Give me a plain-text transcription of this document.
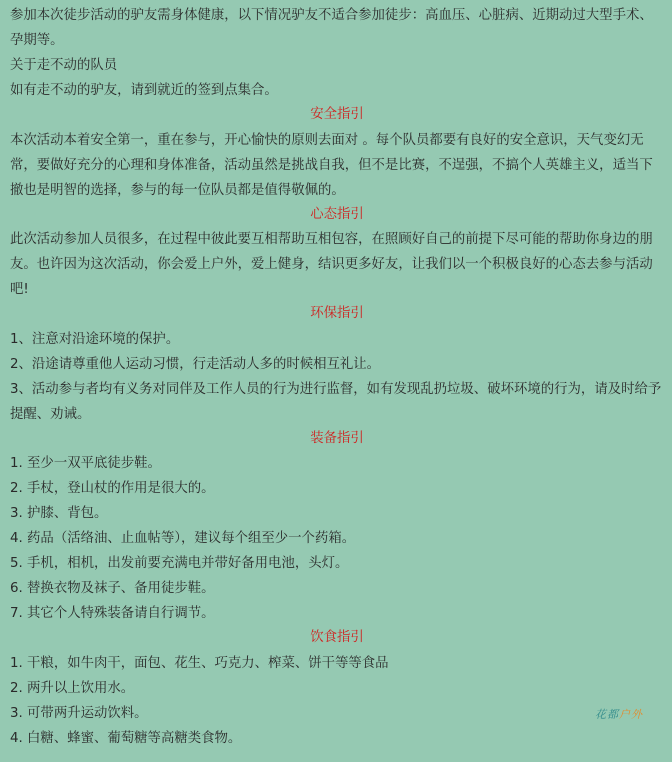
参加本次徒步活动的驴友需身体健康，以下情况驴友不适合参加徒步：高血压、心脏病、近期动过大型手术、孕期等。

关于走不动的队员

如有走不动的驴友，请到就近的签到点集合。

安全指引

本次活动本着安全第一，重在参与，开心愉快的原则去面对 。每个队员都要有良好的安全意识，天气变幻无常，要做好充分的心理和身体准备，活动虽然是挑战自我，但不是比赛，不逞强，不搞个人英雄主义，适当下撤也是明智的选择，参与的每一位队员都是值得敬佩的。

心态指引

此次活动参加人员很多，在过程中彼此要互相帮助互相包容，在照顾好自己的前提下尽可能的帮助你身边的朋友。也许因为这次活动，你会爱上户外，爱上健身，结识更多好友，让我们以一个积极良好的心态去参与活动吧!

环保指引

1、注意对沿途环境的保护。

2、沿途请尊重他人运动习惯，行走活动人多的时候相互礼让。

3、活动参与者均有义务对同伴及工作人员的行为进行监督，如有发现乱扔垃圾、破坏环境的行为，请及时给予提醒、劝诫。

装备指引

1. 至少一双平底徒步鞋。

2. 手杖，登山杖的作用是很大的。

3. 护膝、背包。

4. 药品（活络油、止血帖等），建议每个组至少一个药箱。

5. 手机，相机，出发前要充满电并带好备用电池，头灯。

6. 替换衣物及袜子、备用徒步鞋。

7. 其它个人特殊装备请自行调节。

饮食指引

1. 干粮，如牛肉干，面包、花生、巧克力、榨菜、饼干等等食品

2. 两升以上饮用水。

3. 可带两升运动饮料。

4. 白糖、蜂蜜、葡萄糖等高糖类食物。

花都户外
